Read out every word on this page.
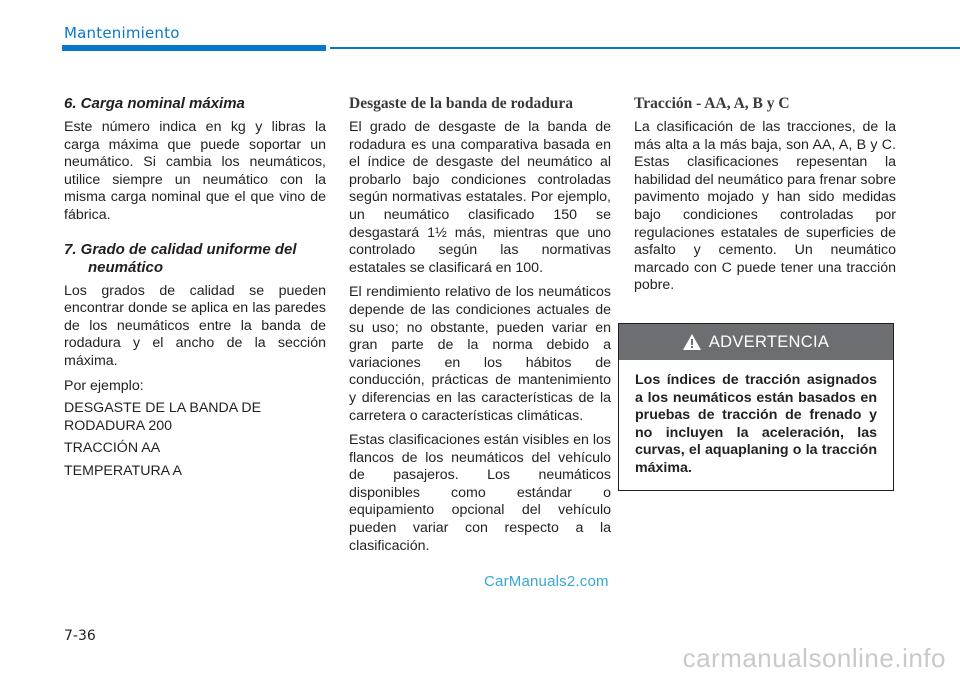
Mantenimiento
6. Carga nominal máxima

Este número indica en kg y libras la carga máxima que puede soportar un neumático. Si cambia los neumáticos, utilice siempre un neumático con la misma carga nominal que el que vino de fábrica.

7. Grado de calidad uniforme del neumático

Los grados de calidad se pueden encontrar donde se aplica en las paredes de los neumáticos entre la banda de rodadura y el ancho de la sección máxima.

Por ejemplo:

DESGASTE DE LA BANDA DE RODADURA 200

TRACCIÓN AA

TEMPERATURA A

Desgaste de la banda de rodadura

El grado de desgaste de la banda de rodadura es una comparativa basada en el índice de desgaste del neumático al probarlo bajo condiciones controladas según normativas estatales. Por ejemplo, un neumático clasificado 150 se desgastará 1½ más, mientras que uno controlado según las normativas estatales se clasificará en 100.

El rendimiento relativo de los neumáticos depende de las condiciones actuales de su uso; no obstante, pueden variar en gran parte de la norma debido a variaciones en los hábitos de conducción, prácticas de mantenimiento y diferencias en las características de la carretera o características climáticas.

Estas clasificaciones están visibles en los flancos de los neumáticos del vehículo de pasajeros. Los neumáticos disponibles como estándar o equipamiento opcional del vehículo pueden variar con respecto a la clasificación.

Tracción - AA, A, B y C

La clasificación de las tracciones, de la más alta a la más baja, son AA, A, B y C. Estas clasificaciones repesentan la habilidad del neumático para frenar sobre pavimento mojado y han sido medidas bajo condiciones controladas por regulaciones estatales de superficies de asfalto y cemento. Un neumático marcado con C puede tener una tracción pobre.

ADVERTENCIA
Los índices de tracción asignados a los neumáticos están basados en pruebas de tracción de frenado y no incluyen la aceleración, las curvas, el aquaplaning o la tracción máxima.
CarManuals2.com
7-36
carmanualsonline.info
